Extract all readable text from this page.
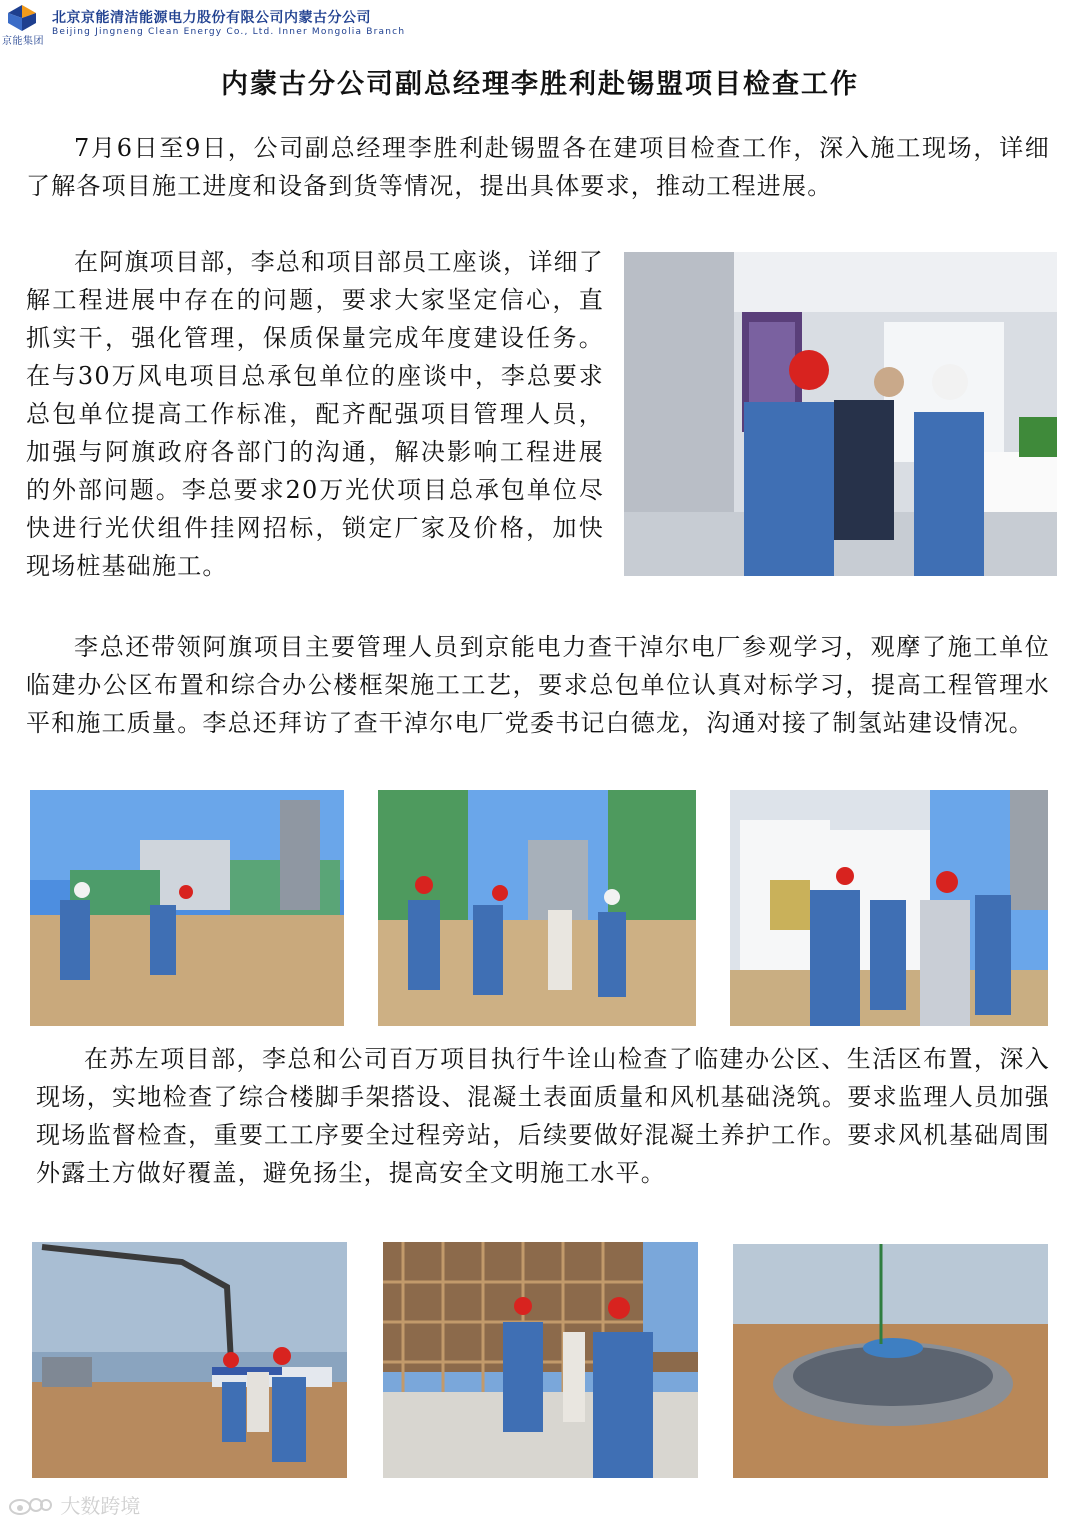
京能集团
北京京能清洁能源电力股份有限公司内蒙古分公司
Beijing Jingneng Clean Energy Co., Ltd. Inner Mongolia Branch
内蒙古分公司副总经理李胜利赴锡盟项目检查工作

7月6日至9日，公司副总经理李胜利赴锡盟各在建项目检查工作，深入施工现场，详细了解各项目施工进度和设备到货等情况，提出具体要求，推动工程进展。

在阿旗项目部，李总和项目部员工座谈，详细了解工程进展中存在的问题，要求大家坚定信心，直抓实干，强化管理，保质保量完成年度建设任务。在与30万风电项目总承包单位的座谈中，李总要求总包单位提高工作标准，配齐配强项目管理人员，加强与阿旗政府各部门的沟通，解决影响工程进展的外部问题。李总要求20万光伏项目总承包单位尽快进行光伏组件挂网招标，锁定厂家及价格，加快现场桩基础施工。

李总还带领阿旗项目主要管理人员到京能电力查干淖尔电厂参观学习，观摩了施工单位临建办公区布置和综合办公楼框架施工工艺，要求总包单位认真对标学习，提高工程管理水平和施工质量。李总还拜访了查干淖尔电厂党委书记白德龙，沟通对接了制氢站建设情况。

在苏左项目部，李总和公司百万项目执行牛诠山检查了临建办公区、生活区布置，深入现场，实地检查了综合楼脚手架搭设、混凝土表面质量和风机基础浇筑。要求监理人员加强现场监督检查，重要工工序要全过程旁站，后续要做好混凝土养护工作。要求风机基础周围外露土方做好覆盖，避免扬尘，提高安全文明施工水平。

大数跨境
